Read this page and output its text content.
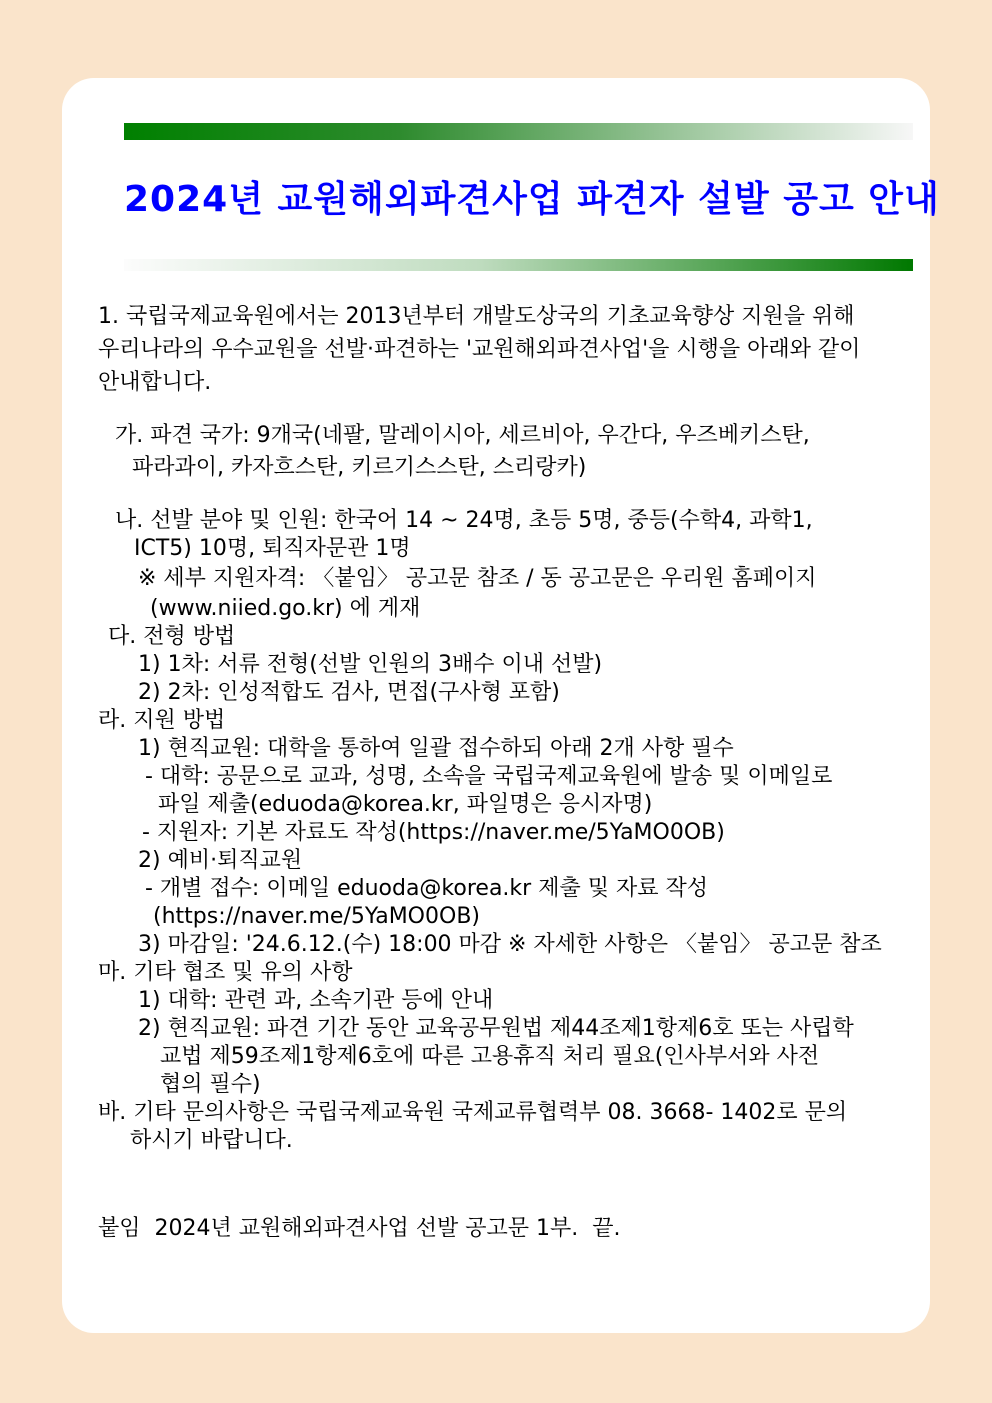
2024년 교원해외파견사업 파견자 설발 공고 안내
1. 국립국제교육원에서는 2013년부터 개발도상국의 기초교육향상 지원을 위해
우리나라의 우수교원을 선발·파견하는 '교원해외파견사업'을 시행을 아래와 같이
안내합니다.
가. 파견 국가: 9개국(네팔, 말레이시아, 세르비아, 우간다, 우즈베키스탄,
파라과이, 카자흐스탄, 키르기스스탄, 스리랑카)
나. 선발 분야 및 인원: 한국어 14 ~ 24명, 초등 5명, 중등(수학4, 과학1,
ICT5) 10명, 퇴직자문관 1명
※ 세부 지원자격: 〈붙임〉 공고문 참조 / 동 공고문은 우리원 홈페이지
(www.niied.go.kr) 에 게재
다. 전형 방법
1) 1차: 서류 전형(선발 인원의 3배수 이내 선발)
2) 2차: 인성적합도 검사, 면접(구사형 포함)
라. 지원 방법
1) 현직교원: 대학을 통하여 일괄 접수하되 아래 2개 사항 필수
- 대학: 공문으로 교과, 성명, 소속을 국립국제교육원에 발송 및 이메일로
파일 제출(eduoda@korea.kr, 파일명은 응시자명)
- 지원자: 기본 자료도 작성(https://naver.me/5YaMO0OB)
2) 예비·퇴직교원
- 개별 접수: 이메일 eduoda@korea.kr 제출 및 자료 작성
(https://naver.me/5YaMO0OB)
3) 마감일: '24.6.12.(수) 18:00 마감 ※ 자세한 사항은 〈붙임〉 공고문 참조
마. 기타 협조 및 유의 사항
1) 대학: 관련 과, 소속기관 등에 안내
2) 현직교원: 파견 기간 동안 교육공무원법 제44조제1항제6호 또는 사립학
교법 제59조제1항제6호에 따른 고용휴직 처리 필요(인사부서와 사전
협의 필수)
바. 기타 문의사항은 국립국제교육원 국제교류협력부 08. 3668- 1402로 문의
하시기 바랍니다.
붙임  2024년 교원해외파견사업 선발 공고문 1부.  끝.
